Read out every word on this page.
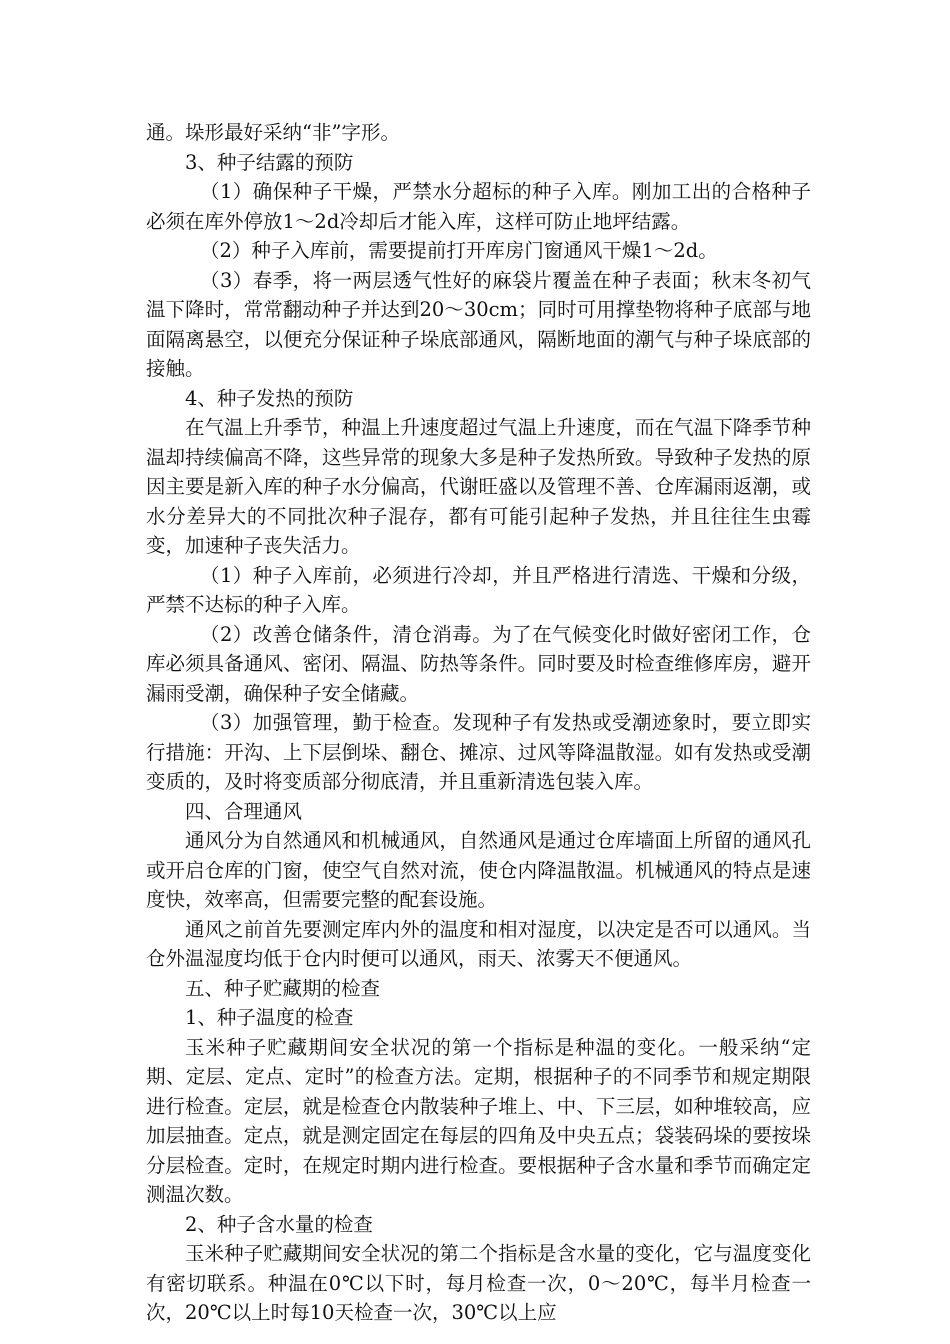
通。垛形最好采纳“非”字形。

3、种子结露的预防

（1）确保种子干燥，严禁水分超标的种子入库。刚加工出的合格种子必须在库外停放1～2d冷却后才能入库，这样可防止地坪结露。

（2）种子入库前，需要提前打开库房门窗通风干燥1～2d。

（3）春季，将一两层透气性好的麻袋片覆盖在种子表面；秋末冬初气温下降时，常常翻动种子并达到20～30cm；同时可用撑垫物将种子底部与地面隔离悬空，以便充分保证种子垛底部通风，隔断地面的潮气与种子垛底部的接触。

4、种子发热的预防

在气温上升季节，种温上升速度超过气温上升速度，而在气温下降季节种温却持续偏高不降，这些异常的现象大多是种子发热所致。导致种子发热的原因主要是新入库的种子水分偏高，代谢旺盛以及管理不善、仓库漏雨返潮，或水分差异大的不同批次种子混存，都有可能引起种子发热，并且往往生虫霉变，加速种子丧失活力。

（1）种子入库前，必须进行冷却，并且严格进行清选、干燥和分级，严禁不达标的种子入库。

（2）改善仓储条件，清仓消毒。为了在气候变化时做好密闭工作，仓库必须具备通风、密闭、隔温、防热等条件。同时要及时检查维修库房，避开漏雨受潮，确保种子安全储藏。

（3）加强管理，勤于检查。发现种子有发热或受潮迹象时，要立即实行措施：开沟、上下层倒垛、翻仓、摊凉、过风等降温散湿。如有发热或受潮变质的，及时将变质部分彻底清，并且重新清选包装入库。

四、合理通风

通风分为自然通风和机械通风，自然通风是通过仓库墙面上所留的通风孔或开启仓库的门窗，使空气自然对流，使仓内降温散温。机械通风的特点是速度快，效率高，但需要完整的配套设施。

通风之前首先要测定库内外的温度和相对湿度，以决定是否可以通风。当仓外温湿度均低于仓内时便可以通风，雨天、浓雾天不便通风。

五、种子贮藏期的检查

1、种子温度的检查

玉米种子贮藏期间安全状况的第一个指标是种温的变化。一般采纳“定期、定层、定点、定时”的检查方法。定期，根据种子的不同季节和规定期限进行检查。定层，就是检查仓内散装种子堆上、中、下三层，如种堆较高，应加层抽查。定点，就是测定固定在每层的四角及中央五点；袋装码垛的要按垛分层检查。定时，在规定时期内进行检查。要根据种子含水量和季节而确定定测温次数。

2、种子含水量的检查

玉米种子贮藏期间安全状况的第二个指标是含水量的变化，它与温度变化有密切联系。种温在0℃以下时，每月检查一次，0～20℃，每半月检查一次，20℃以上时每10天检查一次，30℃以上应
